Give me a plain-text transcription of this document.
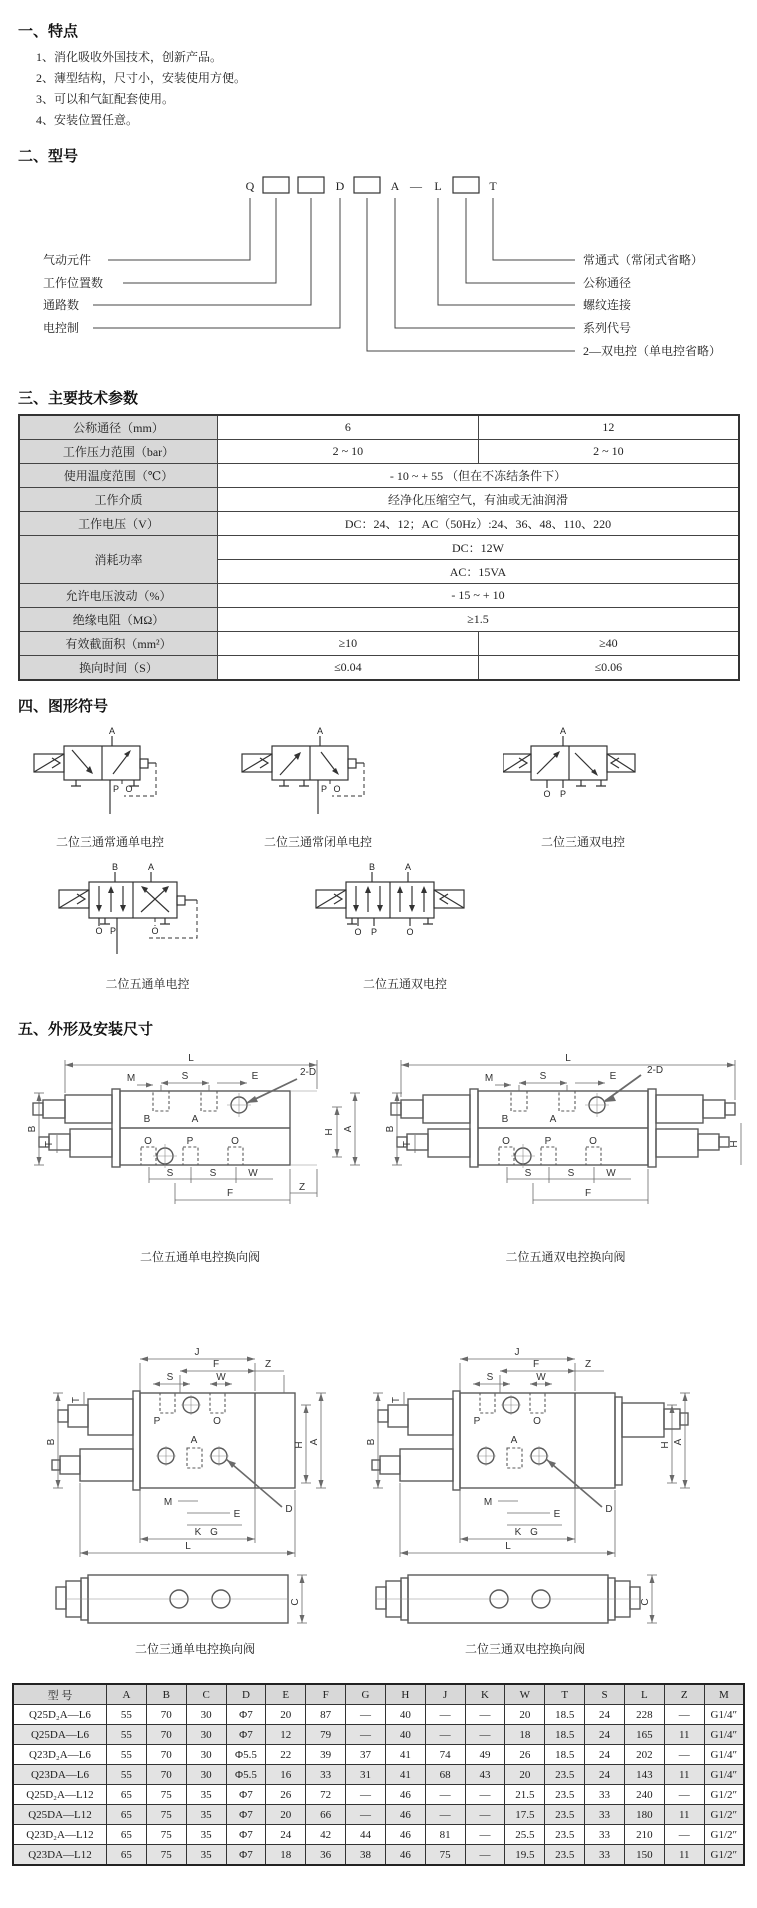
一、特点
1、消化吸收外国技术，创新产品。
2、薄型结构，尺寸小，安装使用方便。
3、可以和气缸配套使用。
4、安装位置任意。
二、型号
Q	D	A — L	T
气动元件
工作位置数
通路数
电控制
常通式（常闭式省略）
公称通径
螺纹连接
系列代号
2—双电控（单电控省略）
三、主要技术参数
公称通径（mm）	6	12
工作压力范围（bar）	2 ~ 10	2 ~ 10
使用温度范围（℃）	- 10 ~ + 55 （但在不冻结条件下）	
工作介质	经净化压缩空气，有油或无油润滑	
工作电压（V）	DC：24、12；AC（50Hz）:24、36、48、110、220	
消耗功率	DC：12W	
	AC：15VA	
允许电压波动（%）	- 15 ~ + 10	
绝缘电阻（MΩ）	≥1.5	
有效截面积（mm²）	≥10	≥40
换向时间（S）	≤0.04	≤0.06
四、图形符号
A
P O
二位三通常通单电控
A
P O
二位三通常闭单电控
A
O P
二位三通双电控
B	A
O P	O
二位五通单电控
B	A
O P	O
二位五通双电控
五、外形及安装尺寸
L
M	S	E	2-D
B
T
H A
S	S	W
F
Z
B	A
O	P	O
二位五通单电控换向阀
L
M	S	E
2-D
B
T	H
S	S	W
F
B	A
O	P	O
二位五通双电控换向阀
J
F
S	W
Z
T
B	H A
M
E
G
K
L
D
C
P	O
A
二位三通单电控换向阀
J
F
S	W
Z
T
B	H A
M
E
G
K
L
D
C
P	O
A
二位三通双电控换向阀
型 号	A	B	C	D	E	F	G	H	J	K	W	T	S	L	Z	M
Q25D₂A—L6	55	70	30	Φ7	20	87	—	40	—	—	20	18.5	24	228	—	G1/4″
Q25DA—L6	55	70	30	Φ7	12	79	—	40	—	—	18	18.5	24	165	11	G1/4″
Q23D₂A—L6	55	70	30	Φ5.5	22	39	37	41	74	49	26	18.5	24	202	—	G1/4″
Q23DA—L6	55	70	30	Φ5.5	16	33	31	41	68	43	20	23.5	24	143	11	G1/4″
Q25D₂A—L12	65	75	35	Φ7	26	72	—	46	—	—	21.5	23.5	33	240	—	G1/2″
Q25DA—L12	65	75	35	Φ7	20	66	—	46	—	—	17.5	23.5	33	180	11	G1/2″
Q23D₂A—L12	65	75	35	Φ7	24	42	44	46	81	—	25.5	23.5	33	210	—	G1/2″
Q23DA—L12	65	75	35	Φ7	18	36	38	46	75	—	19.5	23.5	33	150	11	G1/2″
